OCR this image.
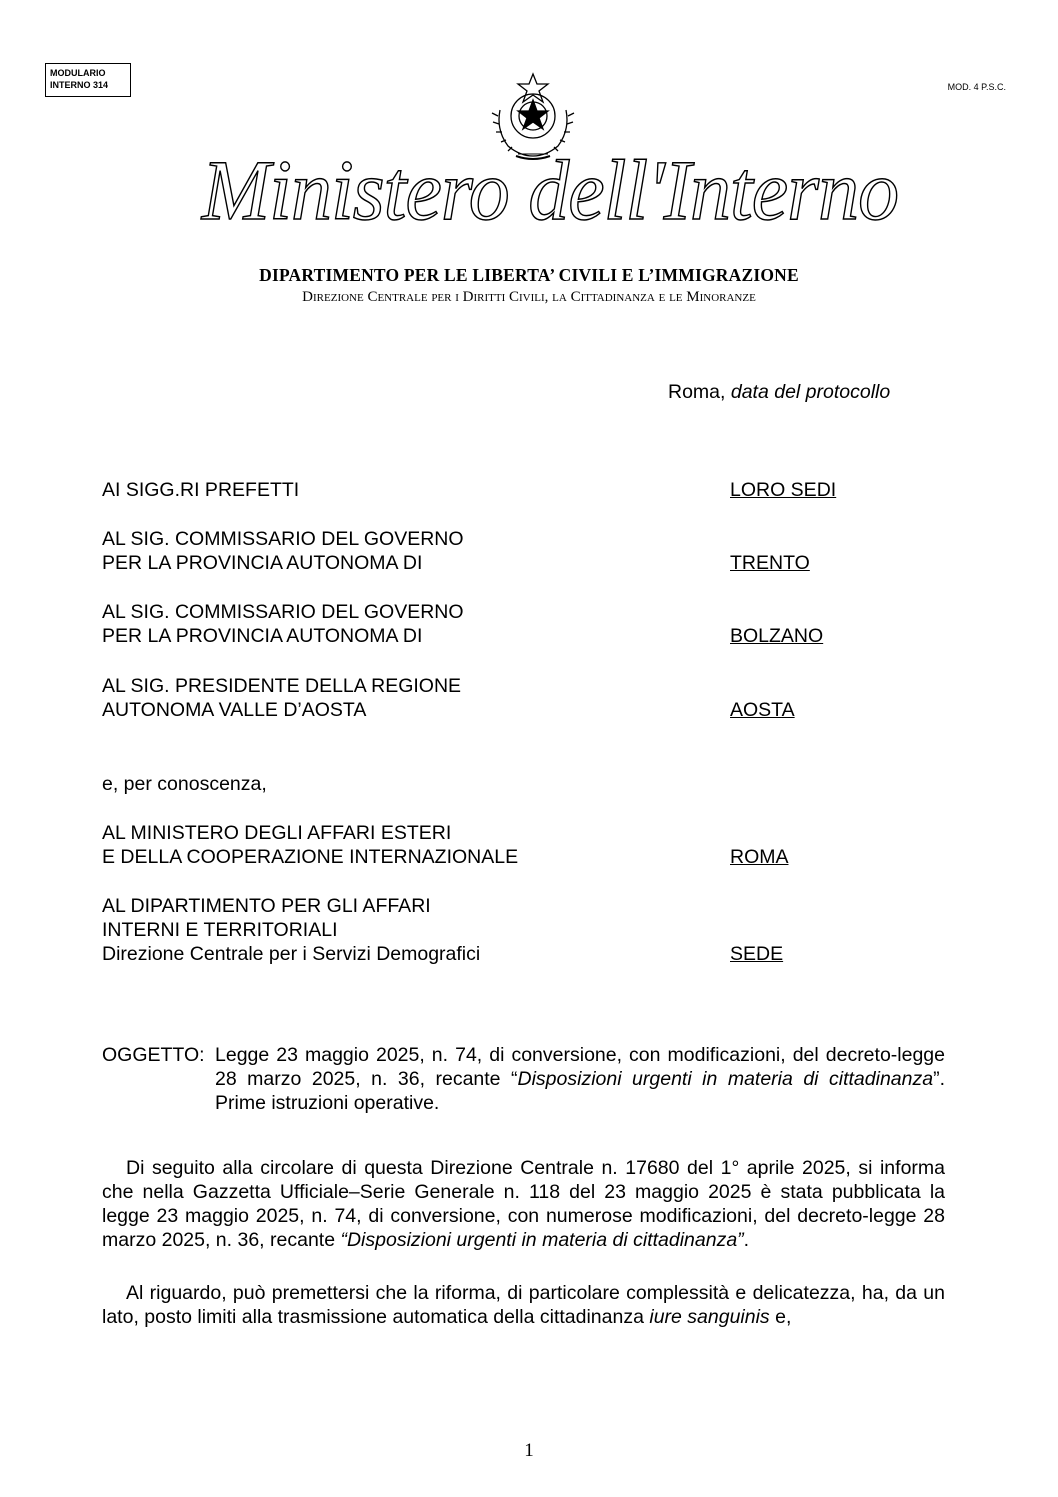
MODULARIO
INTERNO 314	MOD. 4 P.S.C.
Ministero dell'Interno
DIPARTIMENTO PER LE LIBERTA’ CIVILI E L’IMMIGRAZIONE
Direzione Centrale per i Diritti Civili, la Cittadinanza e le Minoranze
Roma, data del protocollo
AI SIGG.RI PREFETTI	LORO SEDI
AL SIG. COMMISSARIO DEL GOVERNO
PER LA PROVINCIA AUTONOMA DI	TRENTO
AL SIG. COMMISSARIO DEL GOVERNO
PER LA PROVINCIA AUTONOMA DI	BOLZANO
AL SIG. PRESIDENTE DELLA REGIONE
AUTONOMA VALLE D’AOSTA	AOSTA
e, per conoscenza,
AL MINISTERO DEGLI AFFARI ESTERI
E DELLA COOPERAZIONE INTERNAZIONALE	ROMA
AL DIPARTIMENTO PER GLI AFFARI
INTERNI E TERRITORIALI
Direzione Centrale per i Servizi Demografici	SEDE
OGGETTO: Legge 23 maggio 2025, n. 74, di conversione, con modificazioni, del decreto-legge 28 marzo 2025, n. 36, recante “Disposizioni urgenti in materia di cittadinanza”. Prime istruzioni operative.
Di seguito alla circolare di questa Direzione Centrale n. 17680 del 1° aprile 2025, si informa che nella Gazzetta Ufficiale–Serie Generale n. 118 del 23 maggio 2025 è stata pubblicata la legge 23 maggio 2025, n. 74, di conversione, con numerose modificazioni, del decreto-legge 28 marzo 2025, n. 36, recante “Disposizioni urgenti in materia di cittadinanza”.
Al riguardo, può premettersi che la riforma, di particolare complessità e delicatezza, ha, da un lato, posto limiti alla trasmissione automatica della cittadinanza iure sanguinis e,
1
